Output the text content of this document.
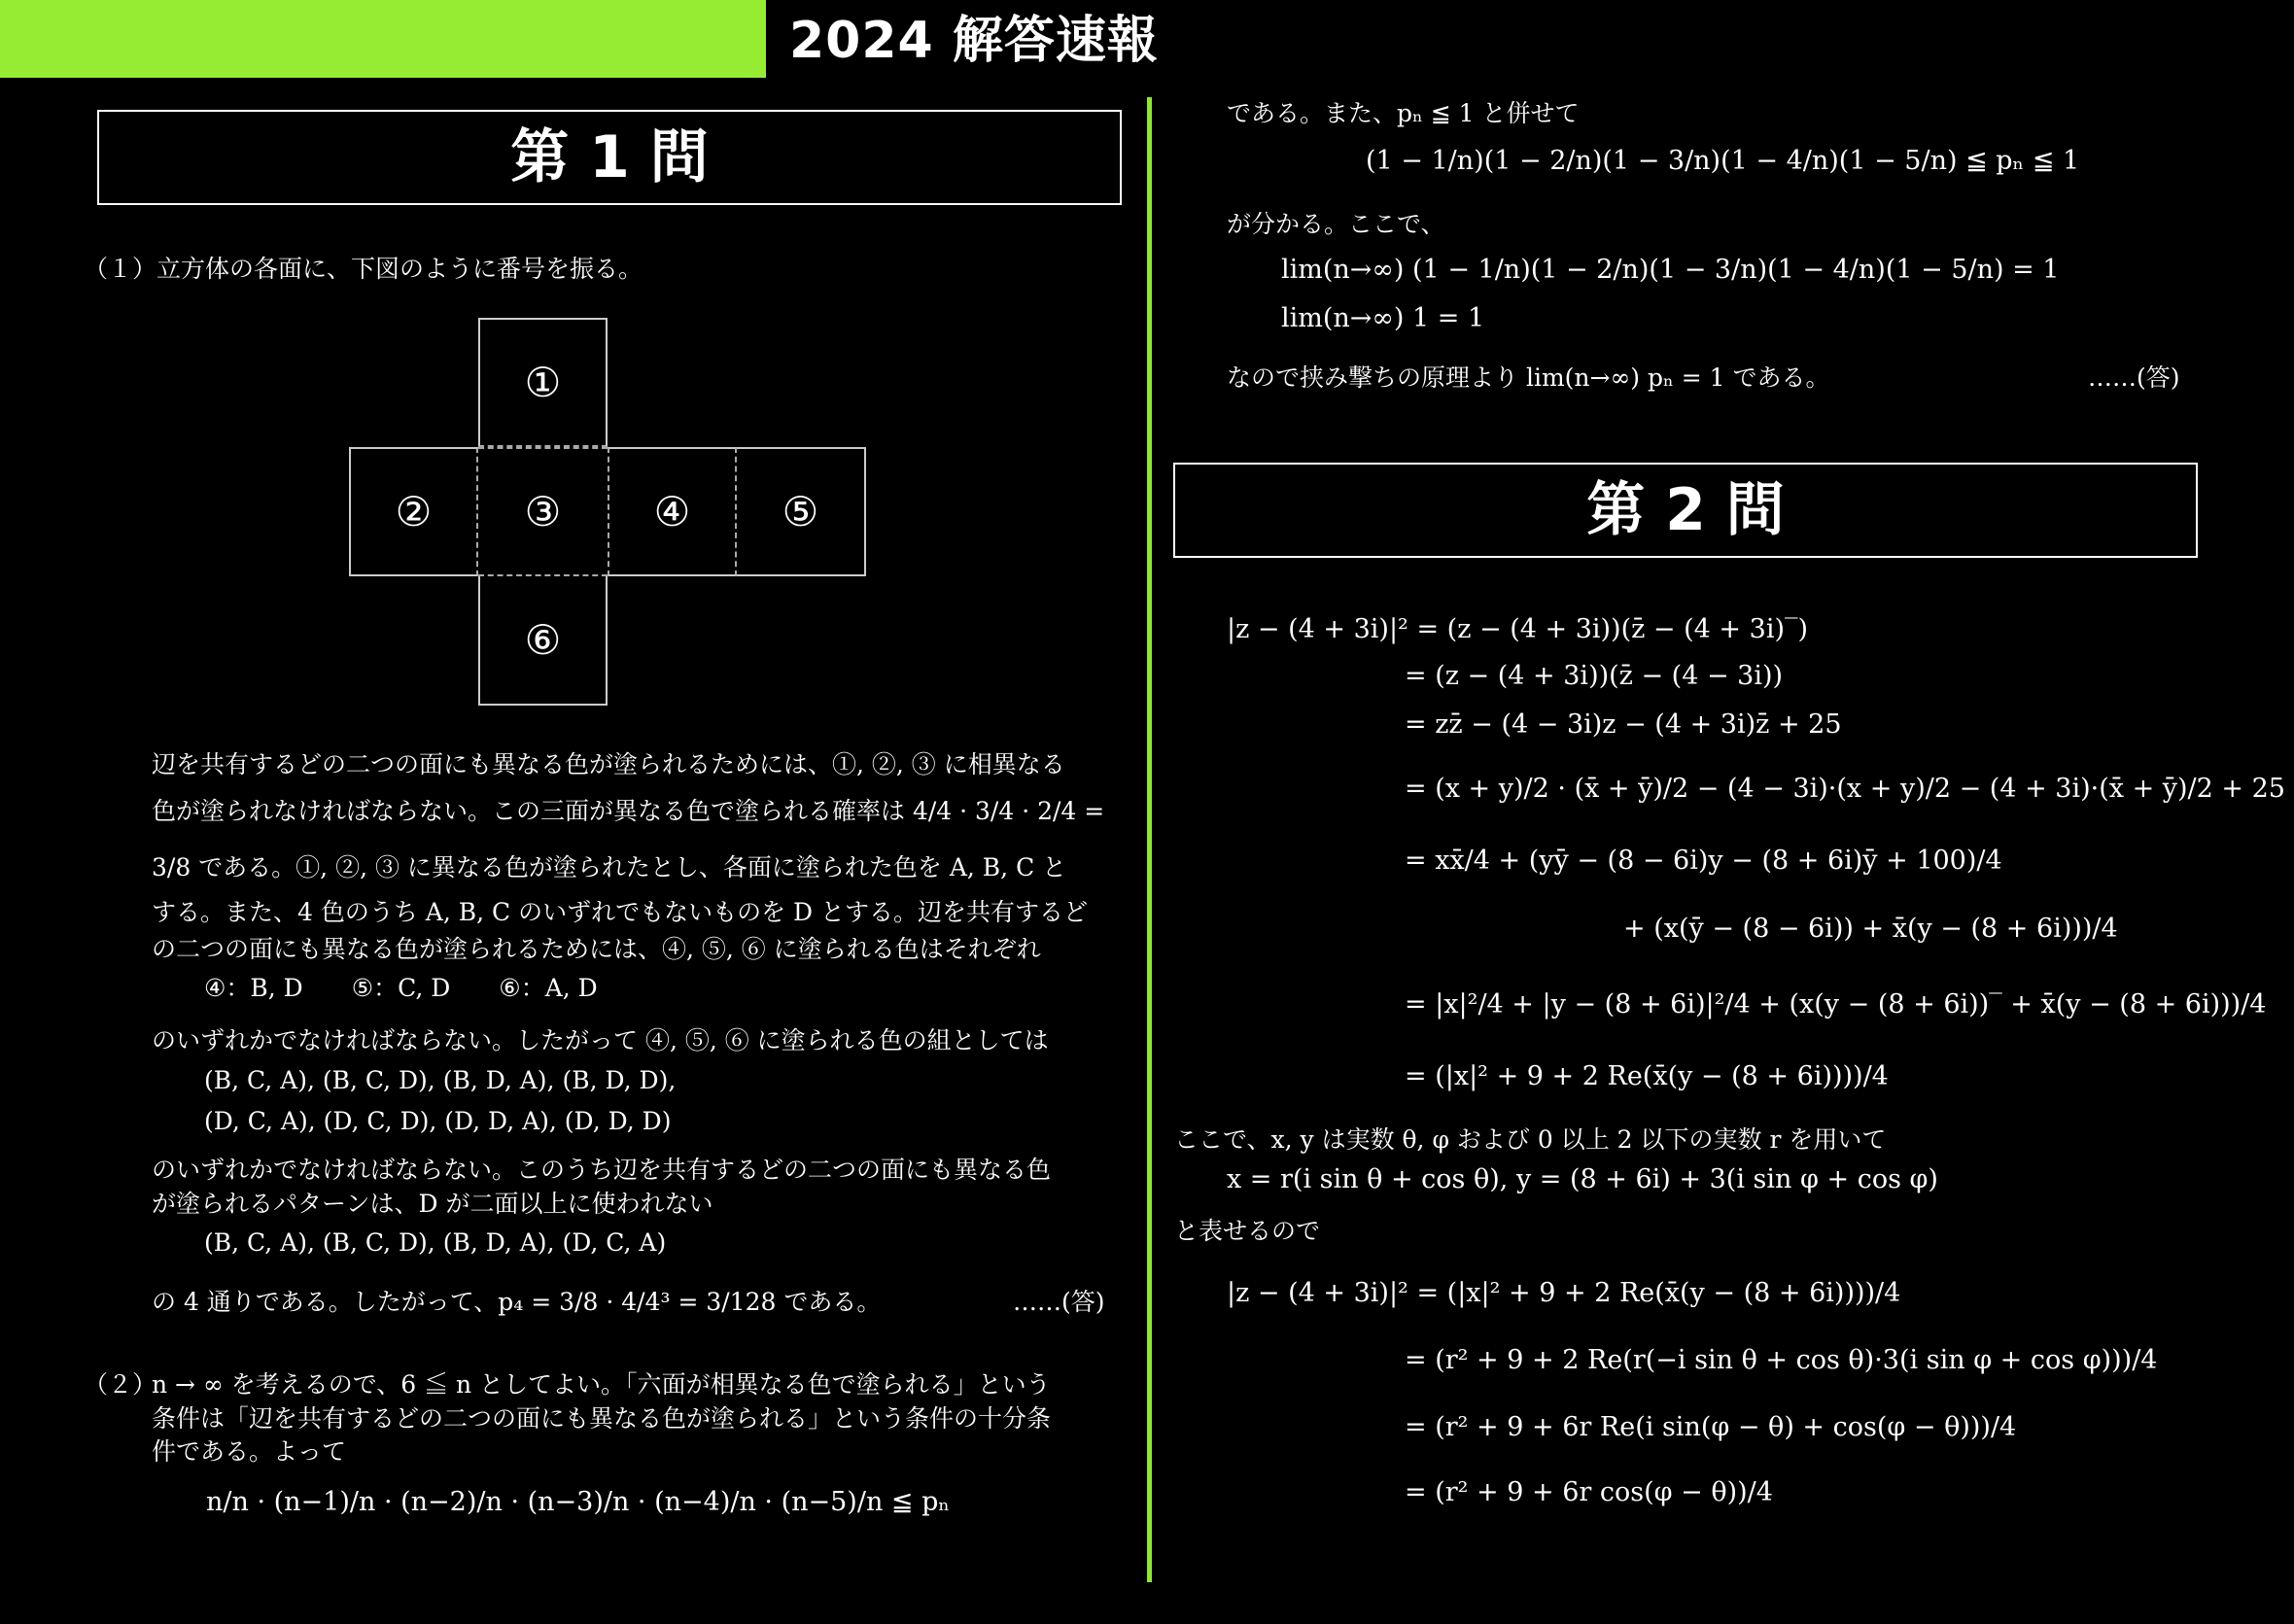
2024 解答速報
第 1 問
（１）立方体の各面に、下図のように番号を振る。
①
②	③	④	⑤
⑥
辺を共有するどの二つの面にも異なる色が塗られるためには、①, ②, ③ に相異なる
色が塗られなければならない。この三面が異なる色で塗られる確率は 4/4 · 3/4 · 2/4 =
3/8 である。①, ②, ③ に異なる色が塗られたとし、各面に塗られた色を A, B, C と
する。また、4 色のうち A, B, C のいずれでもないものを D とする。辺を共有するど
の二つの面にも異なる色が塗られるためには、④, ⑤, ⑥ に塗られる色はそれぞれ
④：B, D　　⑤：C, D　　⑥：A, D
のいずれかでなければならない。したがって ④, ⑤, ⑥ に塗られる色の組としては
(B, C, A), (B, C, D), (B, D, A), (B, D, D),
(D, C, A), (D, C, D), (D, D, A), (D, D, D)
のいずれかでなければならない。このうち辺を共有するどの二つの面にも異なる色
が塗られるパターンは、D が二面以上に使われない
(B, C, A), (B, C, D), (B, D, A), (D, C, A)
の 4 通りである。したがって、p₄ = 3/8 · 4/4³ = 3/128 である。	……(答)
（２）
n → ∞ を考えるので、6 ≦ n としてよい。「六面が相異なる色で塗られる」という
条件は「辺を共有するどの二つの面にも異なる色が塗られる」という条件の十分条
件である。よって
n/n · (n−1)/n · (n−2)/n · (n−3)/n · (n−4)/n · (n−5)/n ≦ pₙ
である。また、pₙ ≦ 1 と併せて
(1 − 1/n)(1 − 2/n)(1 − 3/n)(1 − 4/n)(1 − 5/n) ≦ pₙ ≦ 1
が分かる。ここで、
lim(n→∞) (1 − 1/n)(1 − 2/n)(1 − 3/n)(1 − 4/n)(1 − 5/n) = 1
lim(n→∞) 1 = 1
なので挟み撃ちの原理より lim(n→∞) pₙ = 1 である。	……(答)
第 2 問
|z − (4 + 3i)|² = (z − (4 + 3i))(z̄ − (4 + 3i)‾)
= (z − (4 + 3i))(z̄ − (4 − 3i))
= zz̄ − (4 − 3i)z − (4 + 3i)z̄ + 25
= (x + y)/2 · (x̄ + ȳ)/2 − (4 − 3i)·(x + y)/2 − (4 + 3i)·(x̄ + ȳ)/2 + 25
= xx̄/4 + (yȳ − (8 − 6i)y − (8 + 6i)ȳ + 100)/4
+ (x(ȳ − (8 − 6i)) + x̄(y − (8 + 6i)))/4
= |x|²/4 + |y − (8 + 6i)|²/4 + (x(y − (8 + 6i))‾ + x̄(y − (8 + 6i)))/4
= (|x|² + 9 + 2 Re(x̄(y − (8 + 6i))))/4
ここで、x, y は実数 θ, φ および 0 以上 2 以下の実数 r を用いて
x = r(i sin θ + cos θ), y = (8 + 6i) + 3(i sin φ + cos φ)
と表せるので
|z − (4 + 3i)|² = (|x|² + 9 + 2 Re(x̄(y − (8 + 6i))))/4
= (r² + 9 + 2 Re(r(−i sin θ + cos θ)·3(i sin φ + cos φ)))/4
= (r² + 9 + 6r Re(i sin(φ − θ) + cos(φ − θ)))/4
= (r² + 9 + 6r cos(φ − θ))/4
